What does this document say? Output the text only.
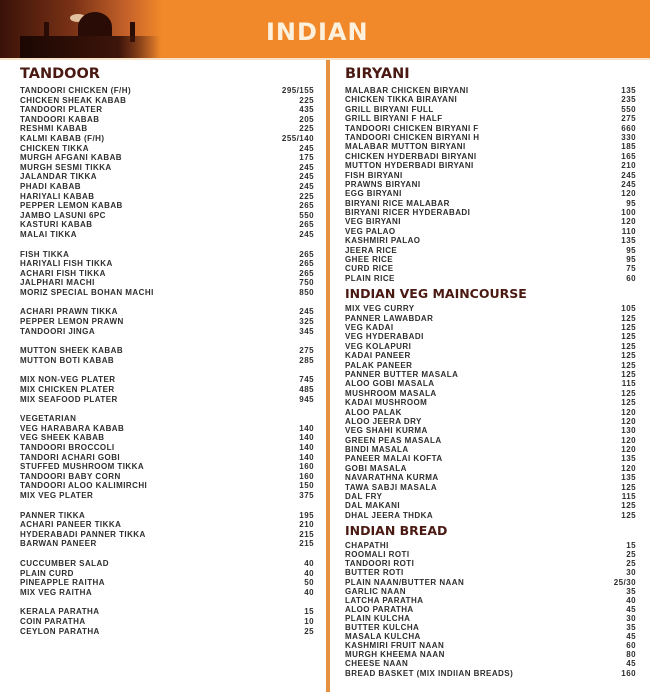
INDIAN
TANDOOR
TANDOORI CHICKEN (F/H)	295/155
CHICKEN SHEAK KABAB	225
TANDOORI PLATER	435
TANDOORI KABAB	205
RESHMI KABAB	225
KALMI KABAB (F/H)	255/140
CHICKEN TIKKA	245
MURGH AFGANI KABAB	175
MURGH SESMI TIKKA	245
JALANDAR TIKKA	245
PHADI KABAB	245
HARIYALI KABAB	225
PEPPER LEMON KABAB	265
JAMBO LASUNI 6PC	550
KASTURI KABAB	265
MALAI TIKKA	245
FISH TIKKA	265
HARIYALI FISH TIKKA	265
ACHARI FISH TIKKA	265
JALPHARI MACHI	750
MORIZ SPECIAL BOHAN MACHI	850
ACHARI PRAWN TIKKA	245
PEPPER LEMON PRAWN	325
TANDOORI JINGA	345
MUTTON SHEEK KABAB	275
MUTTON BOTI KABAB	285
MIX NON-VEG PLATER	745
MIX CHICKEN PLATER	485
MIX SEAFOOD PLATER	945
VEGETARIAN
VEG HARABARA KABAB	140
VEG SHEEK KABAB	140
TANDOORI BROCCOLI	140
TANDORI ACHARI GOBI	140
STUFFED MUSHROOM TIKKA	160
TANDOORI BABY CORN	160
TANDOORI ALOO KALIMIRCHI	150
MIX VEG PLATER	375
PANNER TIKKA	195
ACHARI PANEER TIKKA	210
HYDERABADI PANNER TIKKA	215
BARWAN PANEER	215
CUCCUMBER SALAD	40
PLAIN CURD	40
PINEAPPLE RAITHA	50
MIX VEG RAITHA	40
KERALA PARATHA	15
COIN PARATHA	10
CEYLON PARATHA	25
BIRYANI
MALABAR CHICKEN BIRYANI	135
CHICKEN TIKKA BIRAYANI	235
GRILL BIRYANI FULL	550
GRILL BIRYANI F HALF	275
TANDOORI CHICKEN BIRYANI F	660
TANDOORI CHICKEN BIRYANI H	330
MALABAR MUTTON BIRYANI	185
CHICKEN HYDERBADI BIRYANI	165
MUTTON HYDERBADI BIRYANI	210
FISH BIRYANI	245
PRAWNS BIRYANI	245
EGG BIRYANI	120
BIRYANI RICE MALABAR	95
BIRYANI RICER HYDERABADI	100
VEG BIRYANI	120
VEG PALAO	110
KASHMIRI PALAO	135
JEERA RICE	95
GHEE RICE	95
CURD RICE	75
PLAIN RICE	60
INDIAN VEG MAINCOURSE
MIX VEG CURRY	105
PANNER LAWABDAR	125
VEG KADAI	125
VEG HYDERABADI	125
VEG KOLAPURI	125
KADAI PANEER	125
PALAK PANEER	125
PANNER BUTTER MASALA	125
ALOO GOBI MASALA	115
MUSHROOM MASALA	125
KADAI MUSHROOM	125
ALOO PALAK	120
ALOO JEERA DRY	120
VEG SHAHI KURMA	130
GREEN PEAS MASALA	120
BINDI MASALA	120
PANEER MALAI KOFTA	135
GOBI MASALA	120
NAVARATHNA KURMA	135
TAWA SABJI MASALA	125
DAL FRY	115
DAL MAKANI	125
DHAL JEERA THDKA	125
INDIAN BREAD
CHAPATHI	15
ROOMALI ROTI	25
TANDOORI ROTI	25
BUTTER ROTI	30
PLAIN NAAN/BUTTER NAAN	25/30
GARLIC NAAN	35
LATCHA PARATHA	40
ALOO PARATHA	45
PLAIN KULCHA	30
BUTTER KULCHA	35
MASALA KULCHA	45
KASHMIRI FRUIT NAAN	60
MURGH KHEEMA NAAN	80
CHEESE NAAN	45
BREAD BASKET (MIX INDIIAN BREADS)	160
